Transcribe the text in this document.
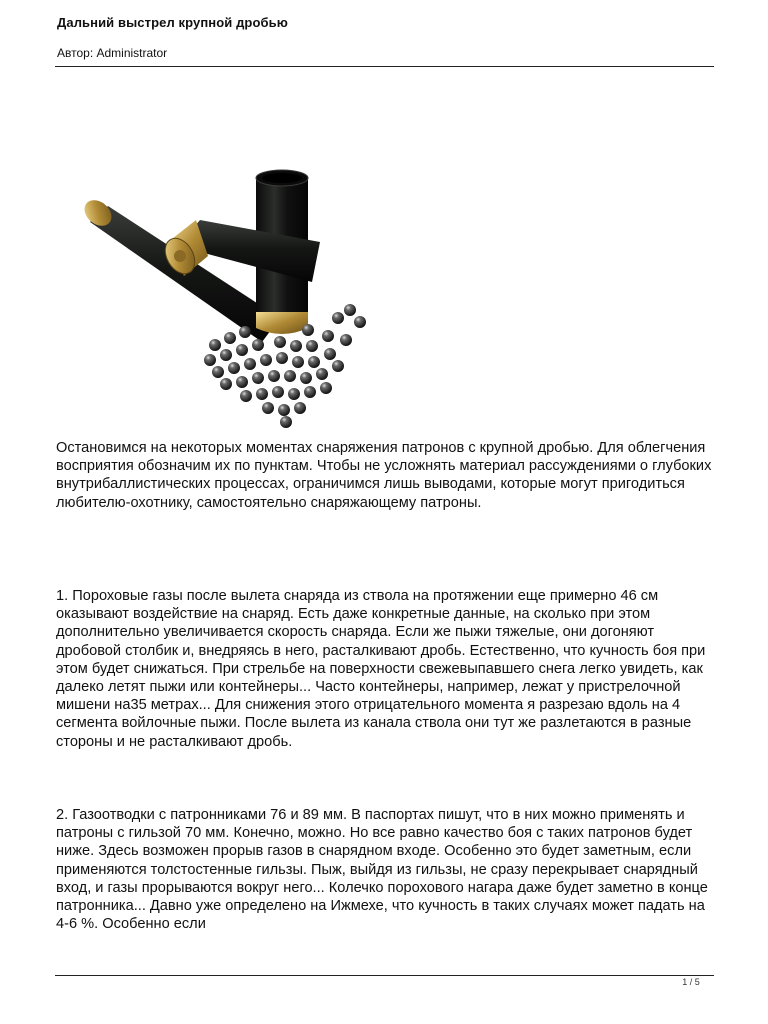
Дальний выстрел крупной дробью
Автор: Administrator

Остановимся на некоторых моментах снаряжения патронов с крупной дробью. Для облегчения восприятия обозначим их по пунктам. Чтобы не усложнять материал рассуждениями о глубоких внутрибаллистических процессах, ограничимся лишь выводами, которые могут пригодиться любителю-охотнику, самостоятельно снаряжающему патроны.

1. Пороховые газы после вылета снаряда из ствола на протяжении еще примерно 46 см оказывают воздействие на снаряд. Есть даже конкретные данные, на сколько при этом дополнительно увеличивается скорость снаряда. Если же пыжи тяжелые, они догоняют дробовой столбик и, внедряясь в него, расталкивают дробь. Естественно, что кучность боя при этом будет снижаться. При стрельбе на поверхности свежевыпавшего снега легко увидеть, как далеко летят пыжи или контейнеры... Часто контейнеры, например, лежат у пристрелочной мишени на35 метрах... Для снижения этого отрицательного момента я разрезаю вдоль на 4 сегмента войлочные пыжи. После вылета из канала ствола они тут же разлетаются в разные стороны и не расталкивают дробь.

2. Газоотводки с патронниками 76 и 89 мм. В паспортах пишут, что в них можно применять и патроны с гильзой 70 мм. Конечно, можно. Но все равно качество боя с таких патронов будет ниже. Здесь возможен прорыв газов в снарядном входе. Особенно это будет заметным, если применяются толстостенные гильзы. Пыж, выйдя из гильзы, не сразу перекрывает снарядный вход, и газы прорываются вокруг него... Колечко порохового нагара даже будет заметно в конце патронника... Давно уже определено на Ижмехе, что кучность в таких случаях может падать на 4-6 %. Особенно если

1 / 5
